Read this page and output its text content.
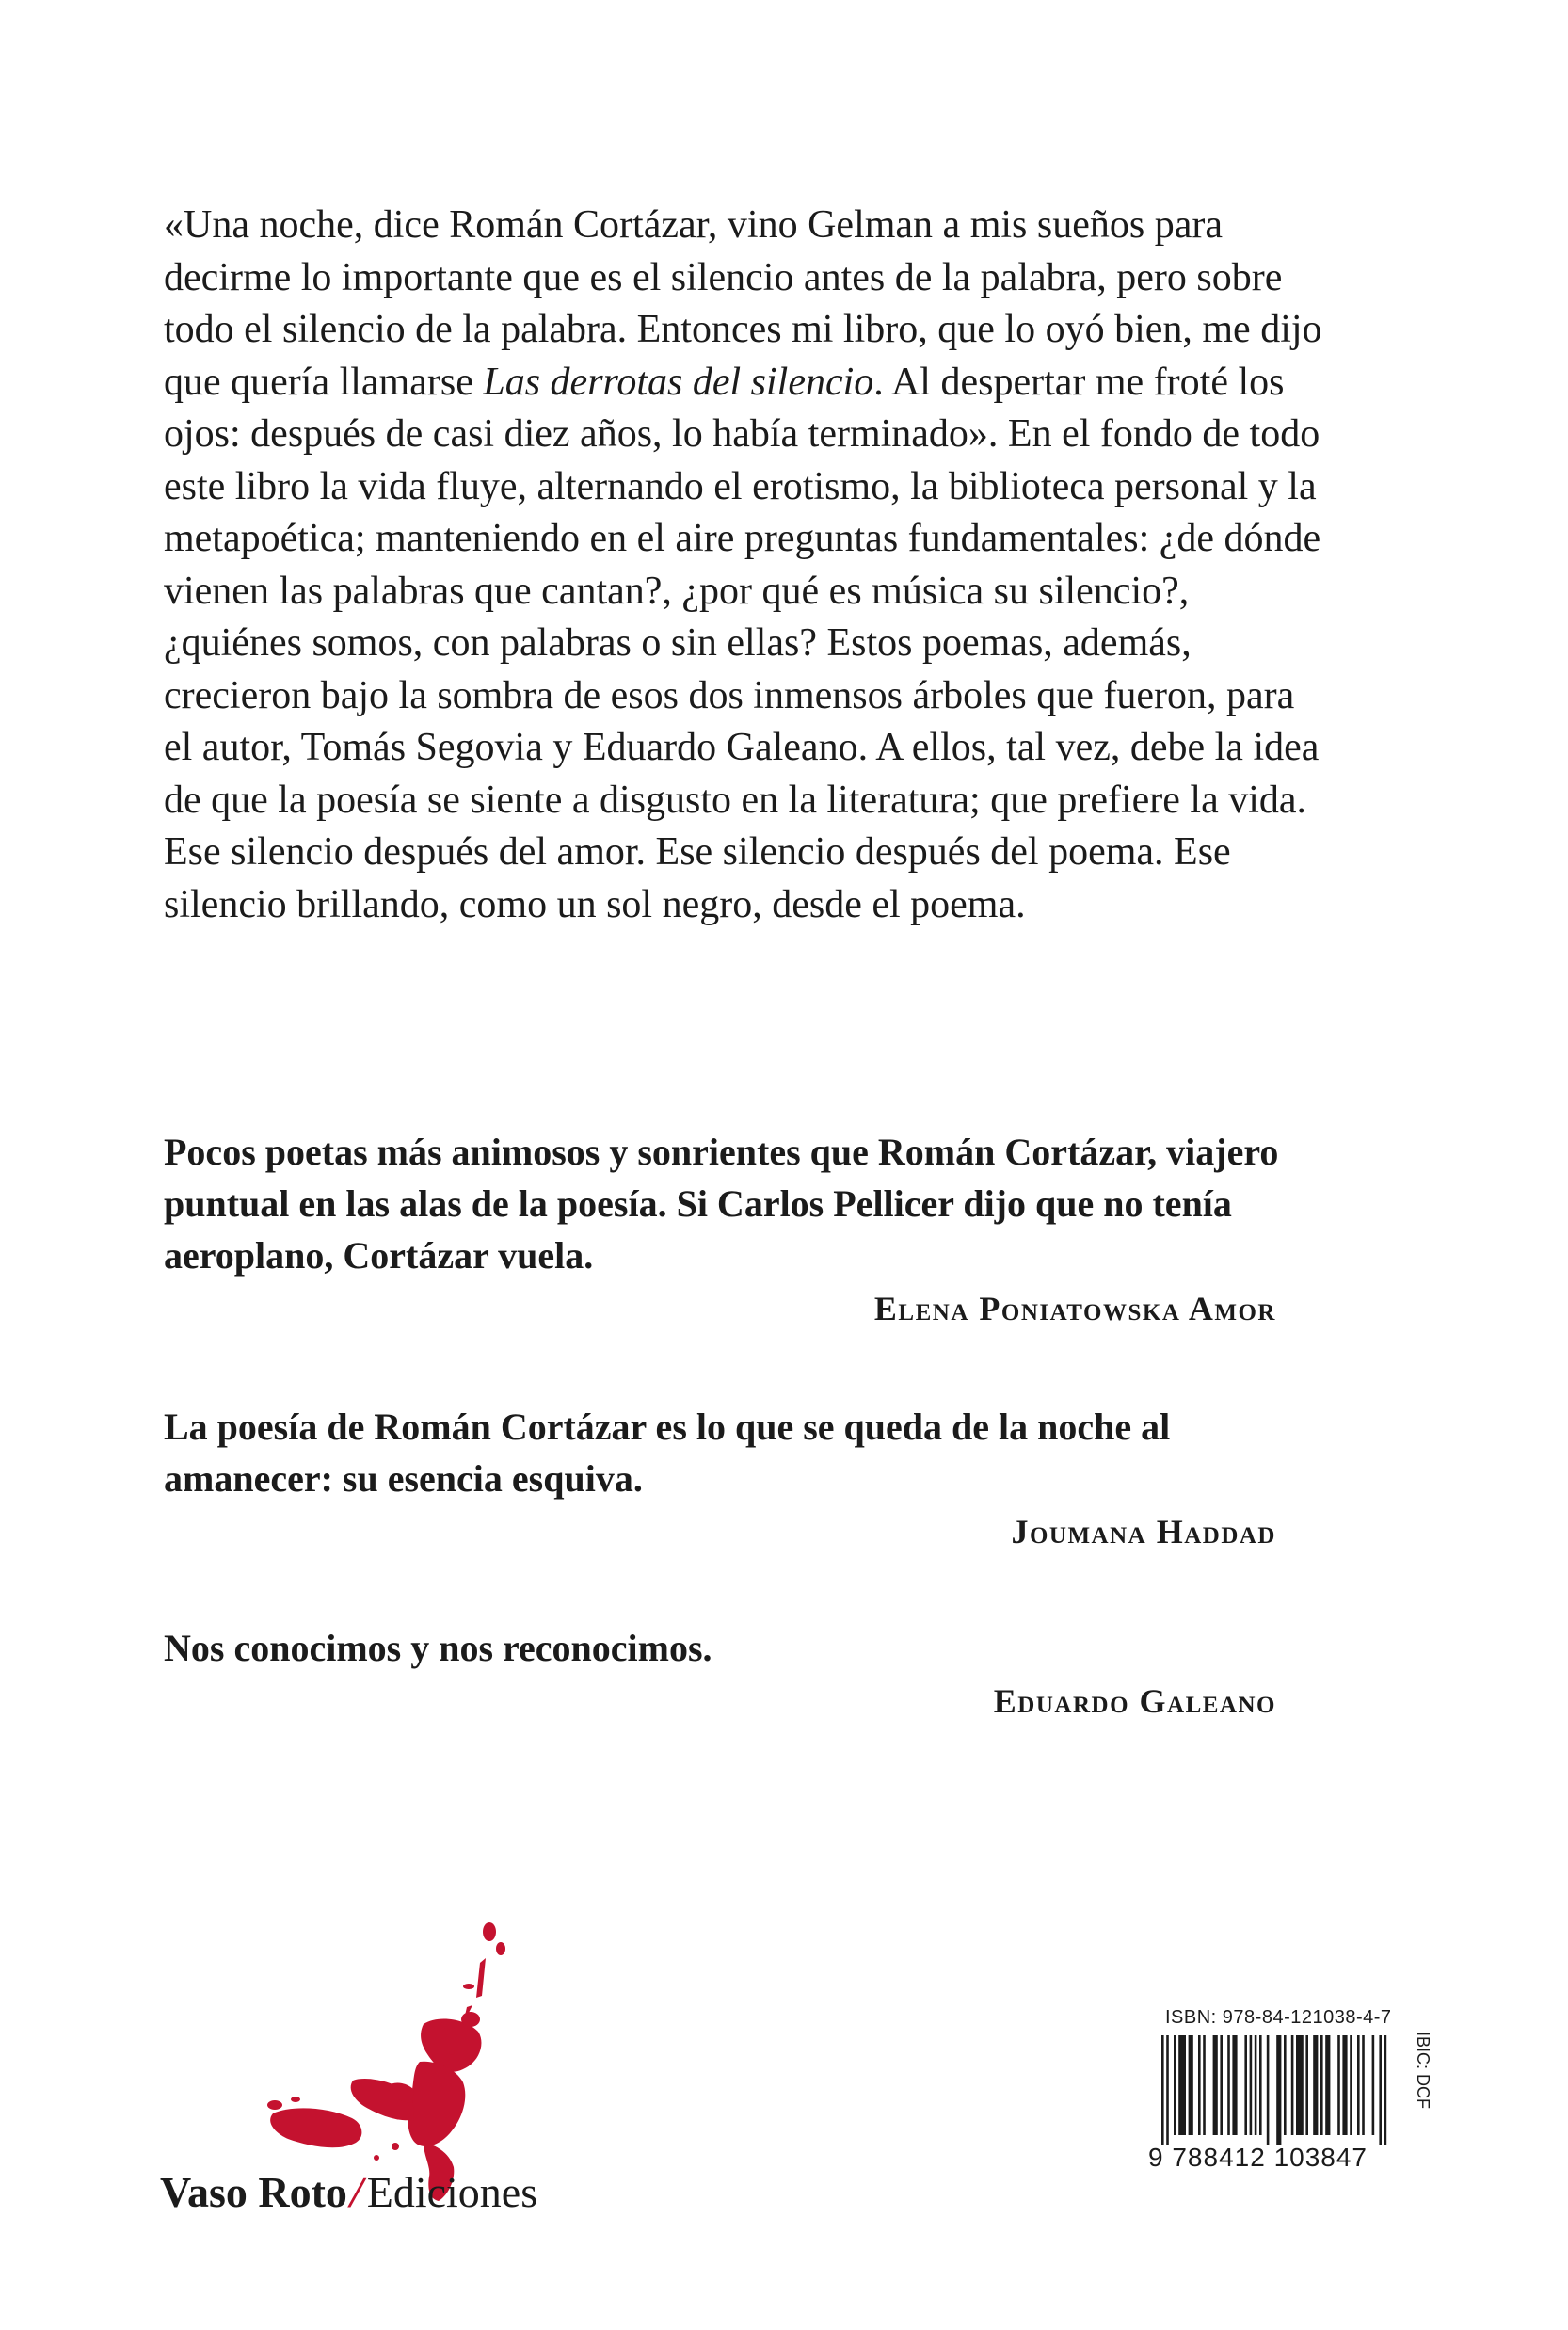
«Una noche, dice Román Cortázar, vino Gelman a mis sueños para decirme lo importante que es el silencio antes de la palabra, pero sobre todo el silencio de la palabra. Entonces mi libro, que lo oyó bien, me dijo que quería llamarse Las derrotas del silencio. Al despertar me froté los ojos: después de casi diez años, lo había terminado». En el fondo de todo este libro la vida fluye, alternando el erotismo, la biblioteca personal y la metapoética; manteniendo en el aire preguntas fundamentales: ¿de dónde vienen las palabras que cantan?, ¿por qué es música su silencio?, ¿quiénes somos, con palabras o sin ellas? Estos poemas, además, crecieron bajo la sombra de esos dos inmensos árboles que fueron, para el autor, Tomás Segovia y Eduardo Galeano. A ellos, tal vez, debe la idea de que la poesía se siente a disgusto en la literatura; que prefiere la vida. Ese silencio después del amor. Ese silencio después del poema. Ese silencio brillando, como un sol negro, desde el poema.

Pocos poetas más animosos y sonrientes que Román Cortázar, viajero puntual en las alas de la poesía. Si Carlos Pellicer dijo que no tenía aeroplano, Cortázar vuela.

Elena Poniatowska Amor

La poesía de Román Cortázar es lo que se queda de la noche al amanecer: su esencia esquiva.

Joumana Haddad

Nos conocimos y nos reconocimos.

Eduardo Galeano

Vaso Roto/Ediciones
ISBN: 978-84-121038-4-7
9 788412 103847
IBIC: DCF
